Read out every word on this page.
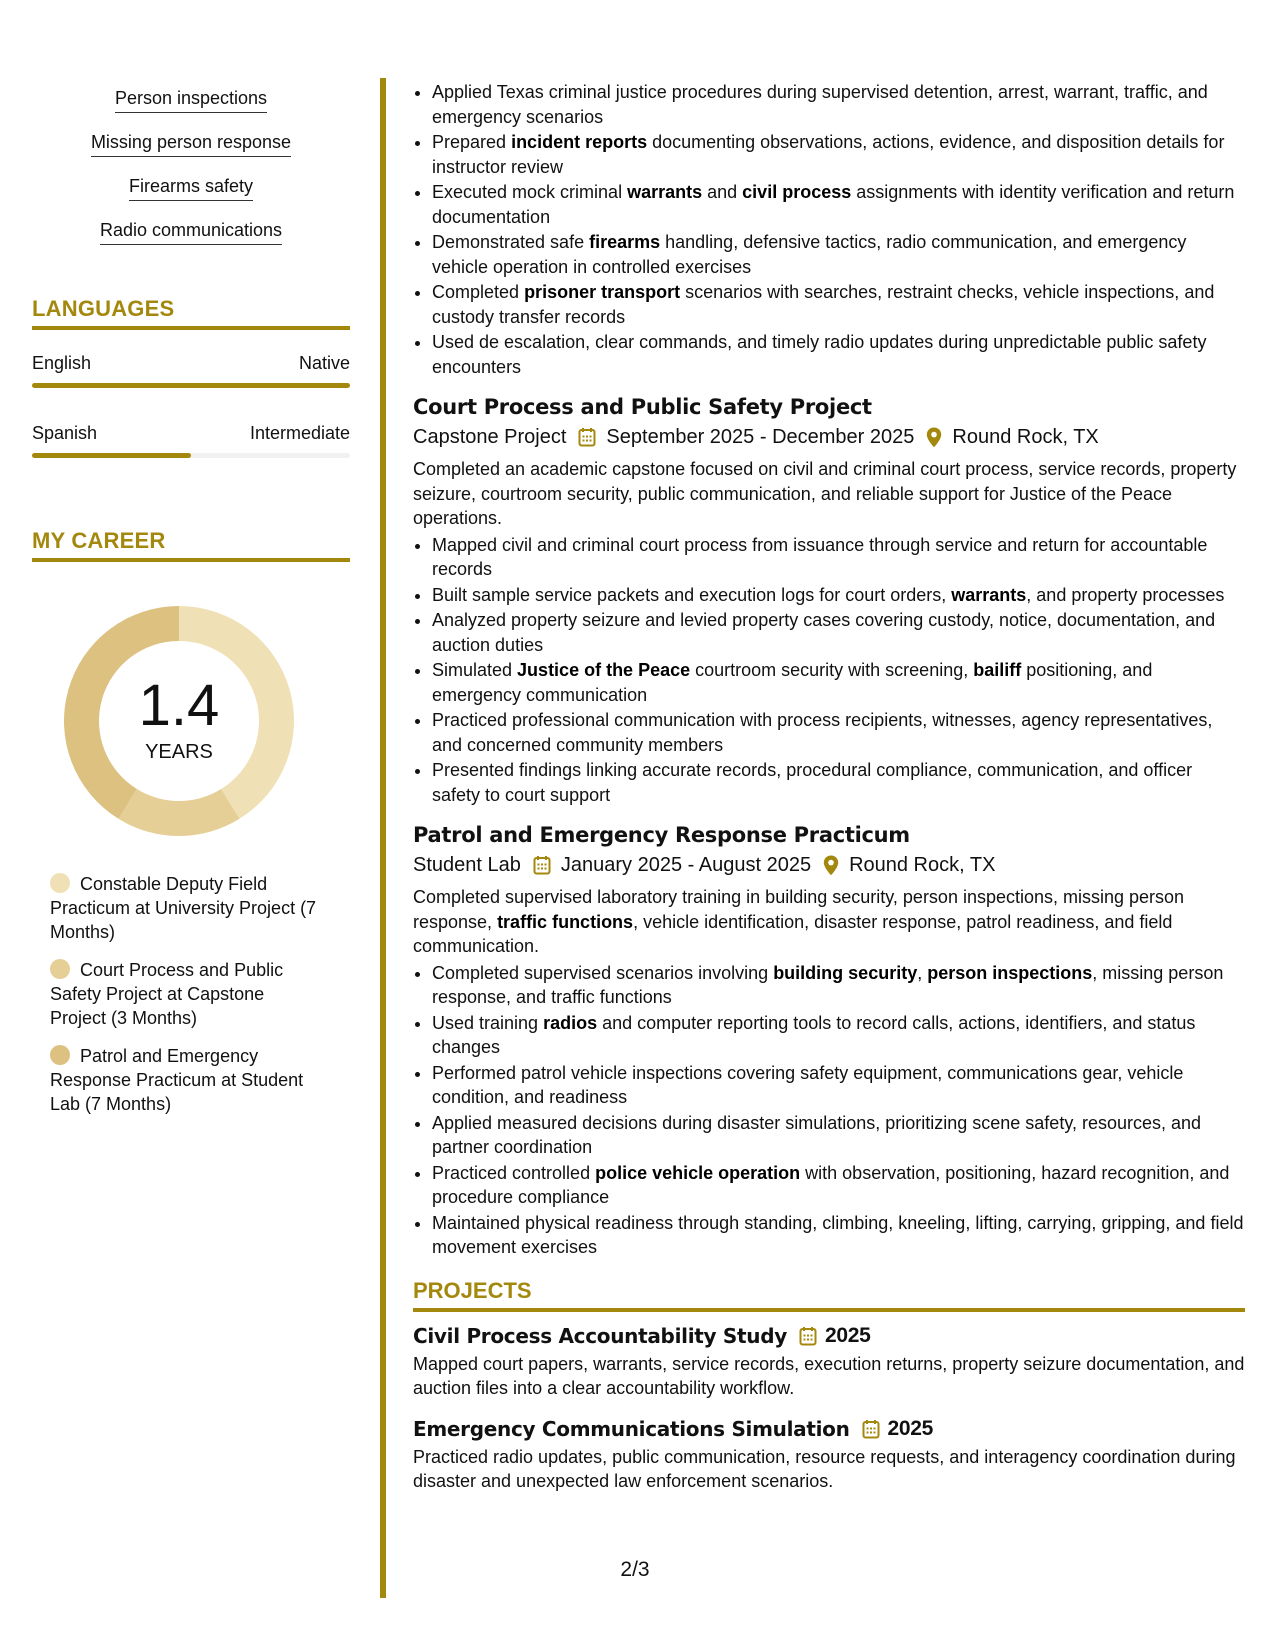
Person inspections
Missing person response
Firearms safety
Radio communications
LANGUAGES
English	Native
Spanish	Intermediate
MY CAREER
1.4
YEARS
Constable Deputy Field Practicum at University Project (7 Months)
Court Process and Public Safety Project at Capstone Project (3 Months)
Patrol and Emergency Response Practicum at Student Lab (7 Months)
• Applied Texas criminal justice procedures during supervised detention, arrest, warrant, traffic, and emergency scenarios
• Prepared incident reports documenting observations, actions, evidence, and disposition details for instructor review
• Executed mock criminal warrants and civil process assignments with identity verification and return documentation
• Demonstrated safe firearms handling, defensive tactics, radio communication, and emergency vehicle operation in controlled exercises
• Completed prisoner transport scenarios with searches, restraint checks, vehicle inspections, and custody transfer records
• Used de escalation, clear commands, and timely radio updates during unpredictable public safety encounters
Court Process and Public Safety Project
Capstone Project September 2025 - December 2025 Round Rock, TX

Completed an academic capstone focused on civil and criminal court process, service records, property seizure, courtroom security, public communication, and reliable support for Justice of the Peace operations.

• Mapped civil and criminal court process from issuance through service and return for accountable records
• Built sample service packets and execution logs for court orders, warrants, and property processes
• Analyzed property seizure and levied property cases covering custody, notice, documentation, and auction duties
• Simulated Justice of the Peace courtroom security with screening, bailiff positioning, and emergency communication
• Practiced professional communication with process recipients, witnesses, agency representatives, and concerned community members
• Presented findings linking accurate records, procedural compliance, communication, and officer safety to court support
Patrol and Emergency Response Practicum
Student Lab January 2025 - August 2025 Round Rock, TX

Completed supervised laboratory training in building security, person inspections, missing person response, traffic functions, vehicle identification, disaster response, patrol readiness, and field communication.

• Completed supervised scenarios involving building security, person inspections, missing person response, and traffic functions
• Used training radios and computer reporting tools to record calls, actions, identifiers, and status changes
• Performed patrol vehicle inspections covering safety equipment, communications gear, vehicle condition, and readiness
• Applied measured decisions during disaster simulations, prioritizing scene safety, resources, and partner coordination
• Practiced controlled police vehicle operation with observation, positioning, hazard recognition, and procedure compliance
• Maintained physical readiness through standing, climbing, kneeling, lifting, carrying, gripping, and field movement exercises
PROJECTS
Civil Process Accountability Study 2025

Mapped court papers, warrants, service records, execution returns, property seizure documentation, and auction files into a clear accountability workflow.

Emergency Communications Simulation 2025

Practiced radio updates, public communication, resource requests, and interagency coordination during disaster and unexpected law enforcement scenarios.

2/3
